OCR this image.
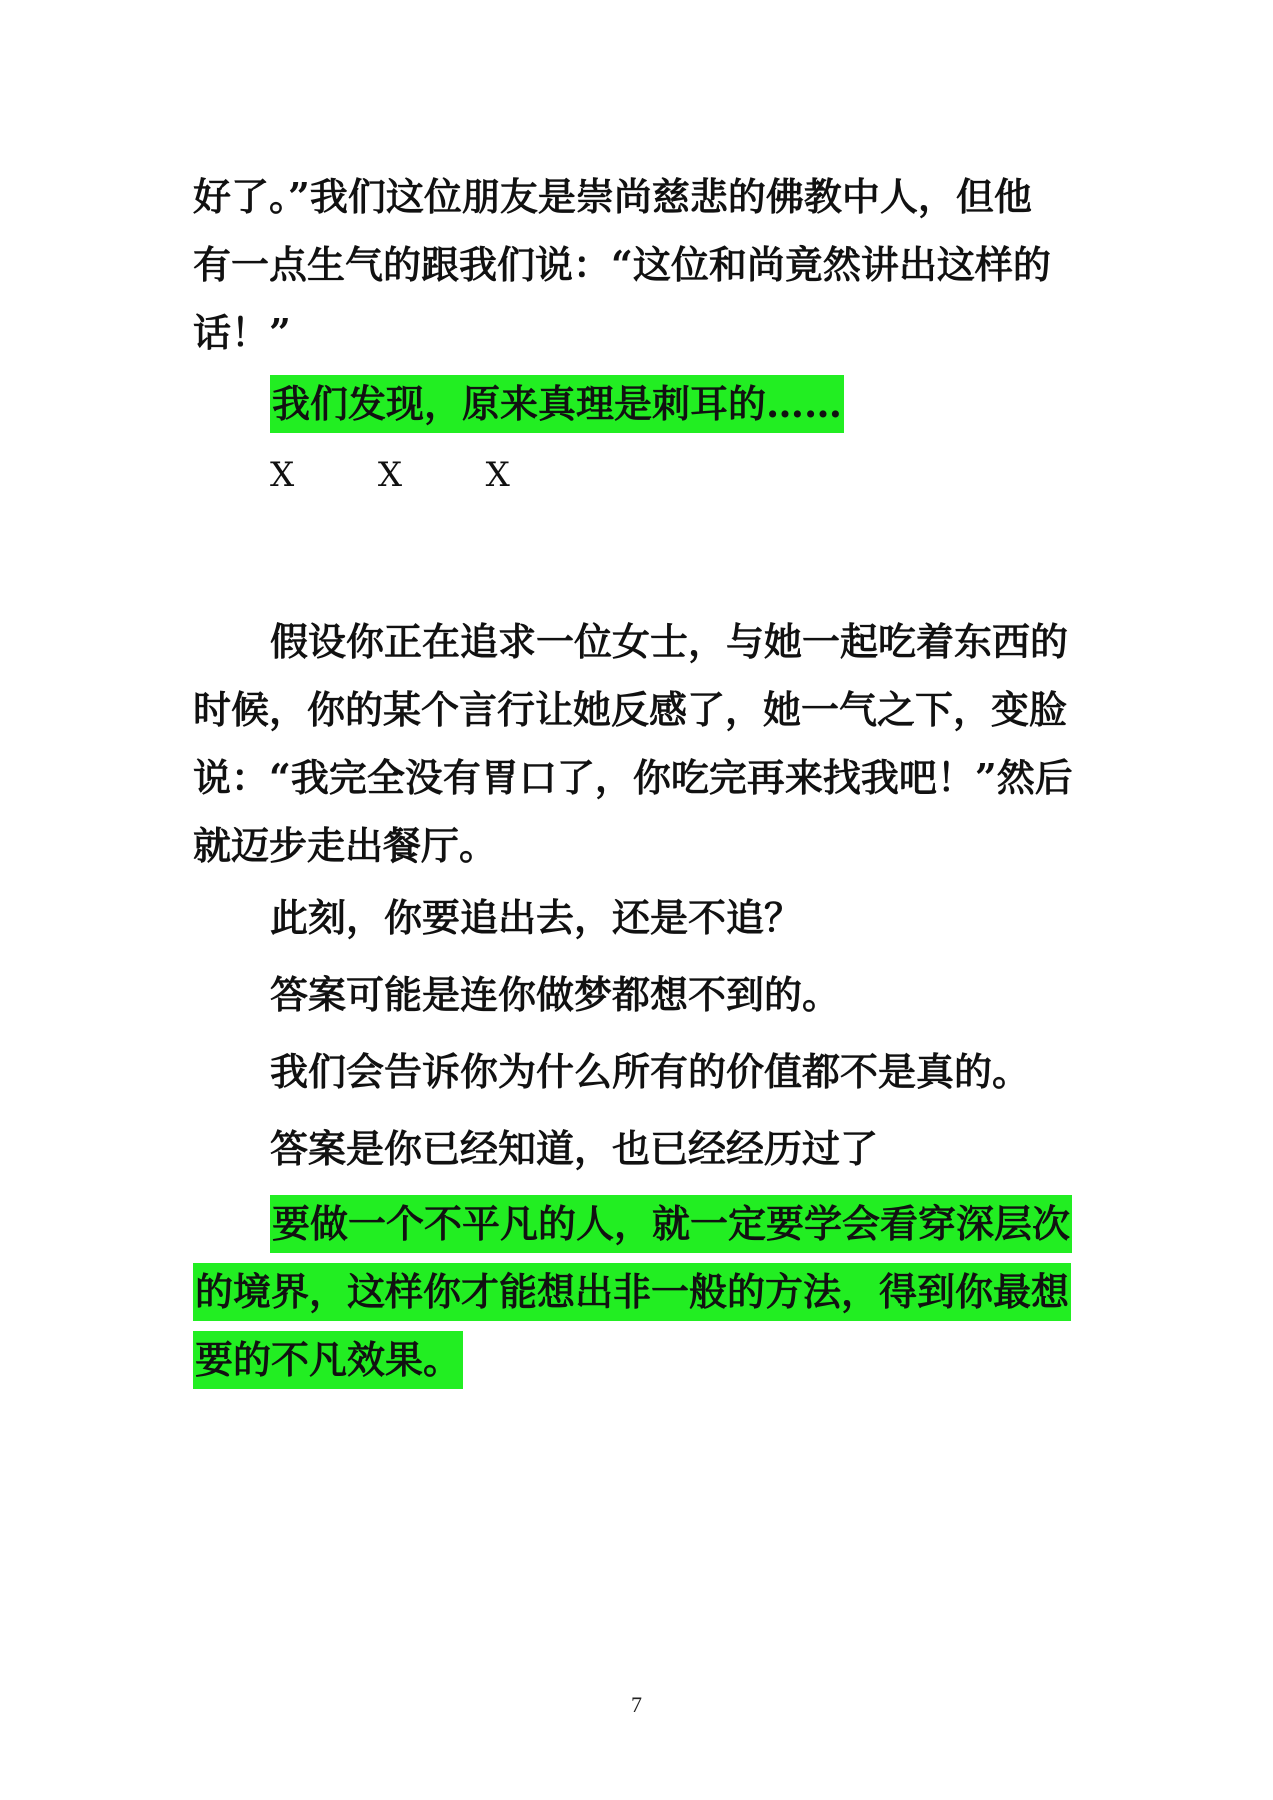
好了。”我们这位朋友是崇尚慈悲的佛教中人，但他
有一点生气的跟我们说：“这位和尚竟然讲出这样的
话！”
我们发现，原来真理是刺耳的……
X X X
假设你正在追求一位女士，与她一起吃着东西的
时候，你的某个言行让她反感了，她一气之下，变脸
说：“我完全没有胃口了，你吃完再来找我吧！”然后
就迈步走出餐厅。
此刻，你要追出去，还是不追？
答案可能是连你做梦都想不到的。
我们会告诉你为什么所有的价值都不是真的。
答案是你已经知道，也已经经历过了
要做一个不平凡的人，就一定要学会看穿深层次
的境界，这样你才能想出非一般的方法，得到你最想
要的不凡效果。
7
